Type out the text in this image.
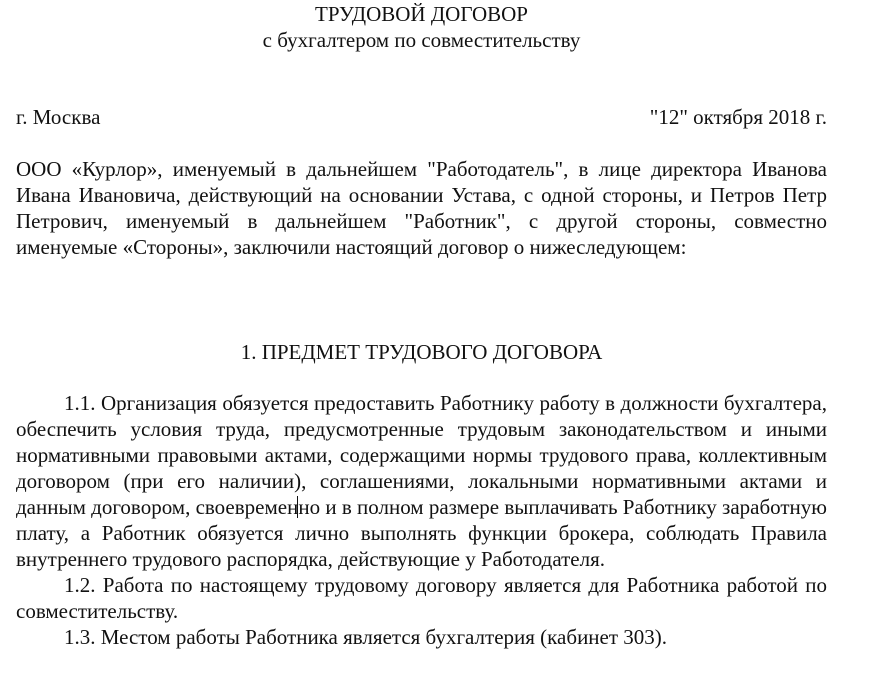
ТРУДОВОЙ ДОГОВОР
с бухгалтером по совместительству
г. Москва	"12" октября 2018 г.
ООО «Курлор», именуемый в дальнейшем "Работодатель", в лице директора Иванова Ивана Ивановича, действующий на основании Устава, с одной стороны, и Петров Петр Петрович, именуемый в дальнейшем "Работник", с другой стороны, совместно именуемые «Стороны», заключили настоящий договор о нижеследующем:
1. ПРЕДМЕТ ТРУДОВОГО ДОГОВОРА

1.1. Организация обязуется предоставить Работнику работу в должности бухгалтера, обеспечить условия труда, предусмотренные трудовым законодательством и иными нормативными правовыми актами, содержащими нормы трудового права, коллективным договором (при его наличии), соглашениями, локальными нормативными актами и данным договором, своевременно и в полном размере выплачивать Работнику заработную плату, а Работник обязуется лично выполнять функции брокера, соблюдать Правила внутреннего трудового распорядка, действующие у Работодателя.

1.2. Работа по настоящему трудовому договору является для Работника работой по совместительству.

1.3. Местом работы Работника является бухгалтерия (кабинет 303).
